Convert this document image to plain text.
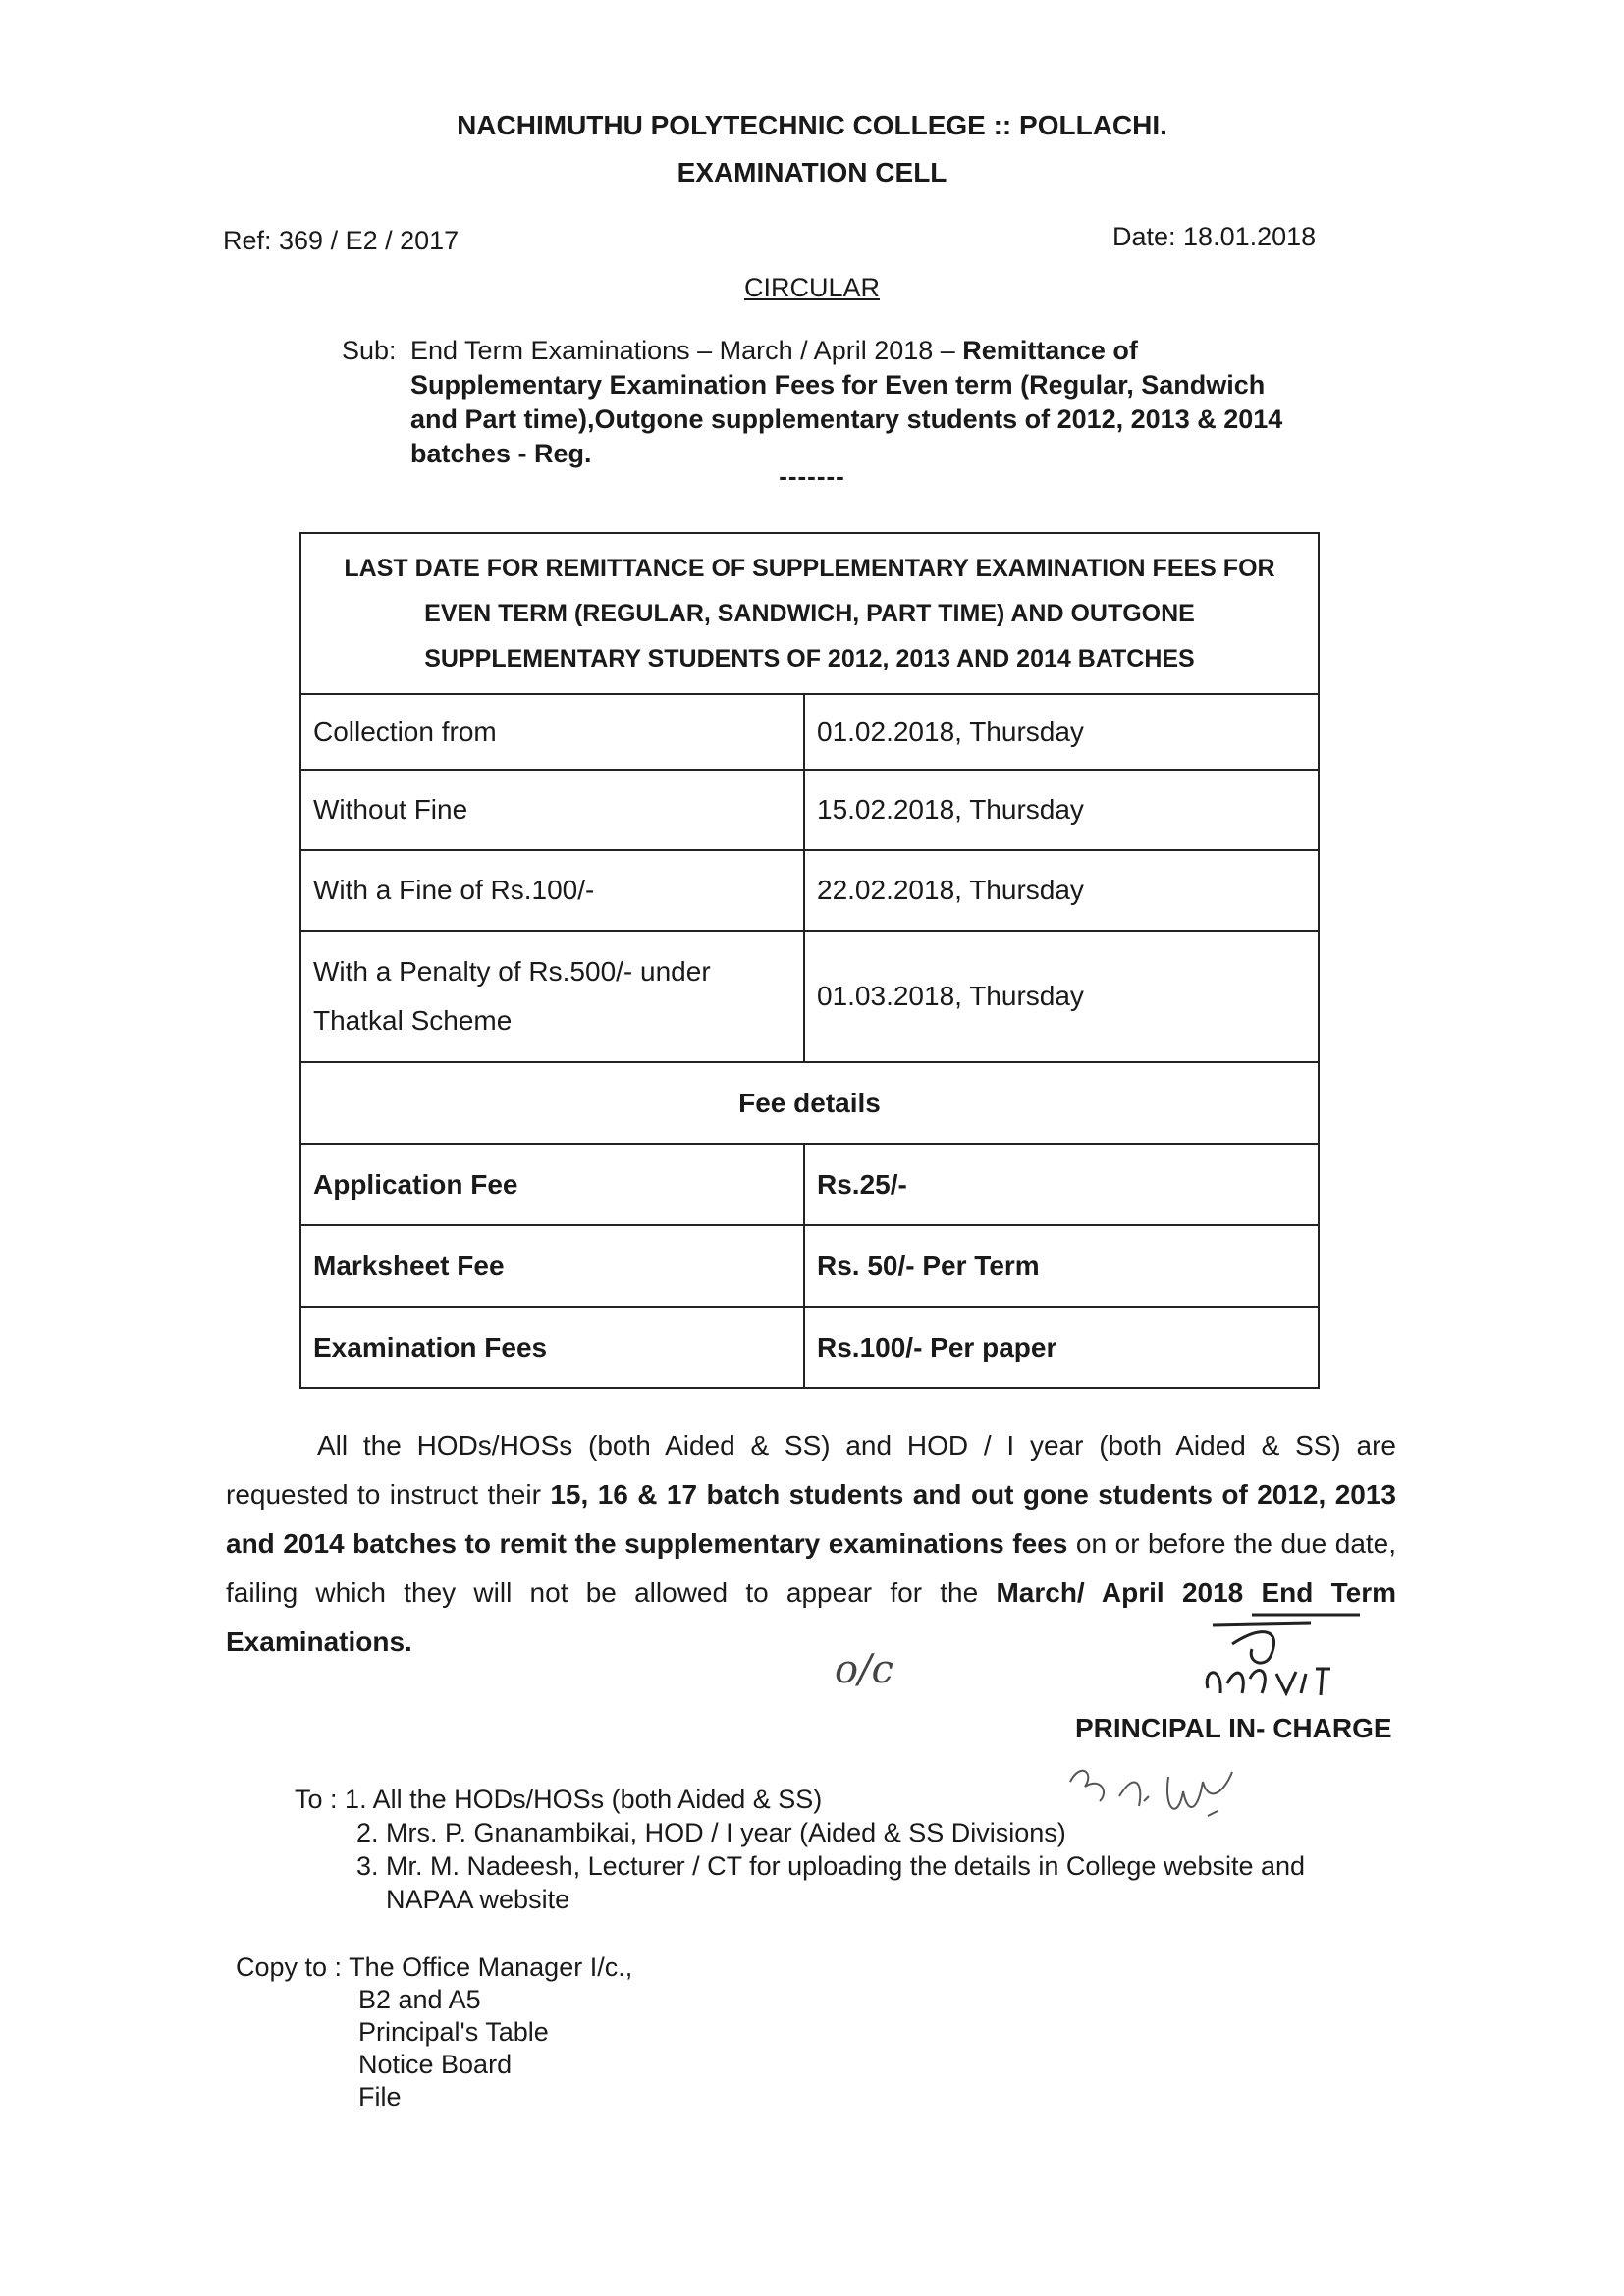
NACHIMUTHU POLYTECHNIC COLLEGE :: POLLACHI.
EXAMINATION CELL
Ref: 369 / E2 / 2017	Date: 18.01.2018
CIRCULAR
Sub: End Term Examinations – March / April 2018 – Remittance of
Supplementary Examination Fees for Even term (Regular, Sandwich
and Part time),Outgone supplementary students of 2012, 2013 & 2014
batches - Reg.
-------
LAST DATE FOR REMITTANCE OF SUPPLEMENTARY EXAMINATION FEES FOR
EVEN TERM (REGULAR, SANDWICH, PART TIME) AND OUTGONE
SUPPLEMENTARY STUDENTS OF 2012, 2013 AND 2014 BATCHES	

Collection from	01.02.2018, Thursday
Without Fine	15.02.2018, Thursday
With a Fine of Rs.100/-	22.02.2018, Thursday

With a Penalty of Rs.500/- under
Thatkal Scheme	01.03.2018, Thursday
Fee details	
Application Fee	Rs.25/-
Marksheet Fee	Rs. 50/- Per Term
Examination Fees	Rs.100/- Per paper
All the HODs/HOSs (both Aided & SS) and HOD / I year (both Aided & SS) are requested to instruct their 15, 16 & 17 batch students and out gone students of 2012, 2013 and 2014 batches to remit the supplementary examinations fees on or before the due date, failing which they will not be allowed to appear for the March/ April 2018 End Term Examinations.
o/c
PRINCIPAL IN- CHARGE
To : 1. All the HODs/HOSs (both Aided & SS)
2. Mrs. P. Gnanambikai, HOD / I year (Aided & SS Divisions)
3. Mr. M. Nadeesh, Lecturer / CT for uploading the details in College website and
NAPAA website
Copy to : The Office Manager I/c.,
B2 and A5
Principal's Table
Notice Board
File
